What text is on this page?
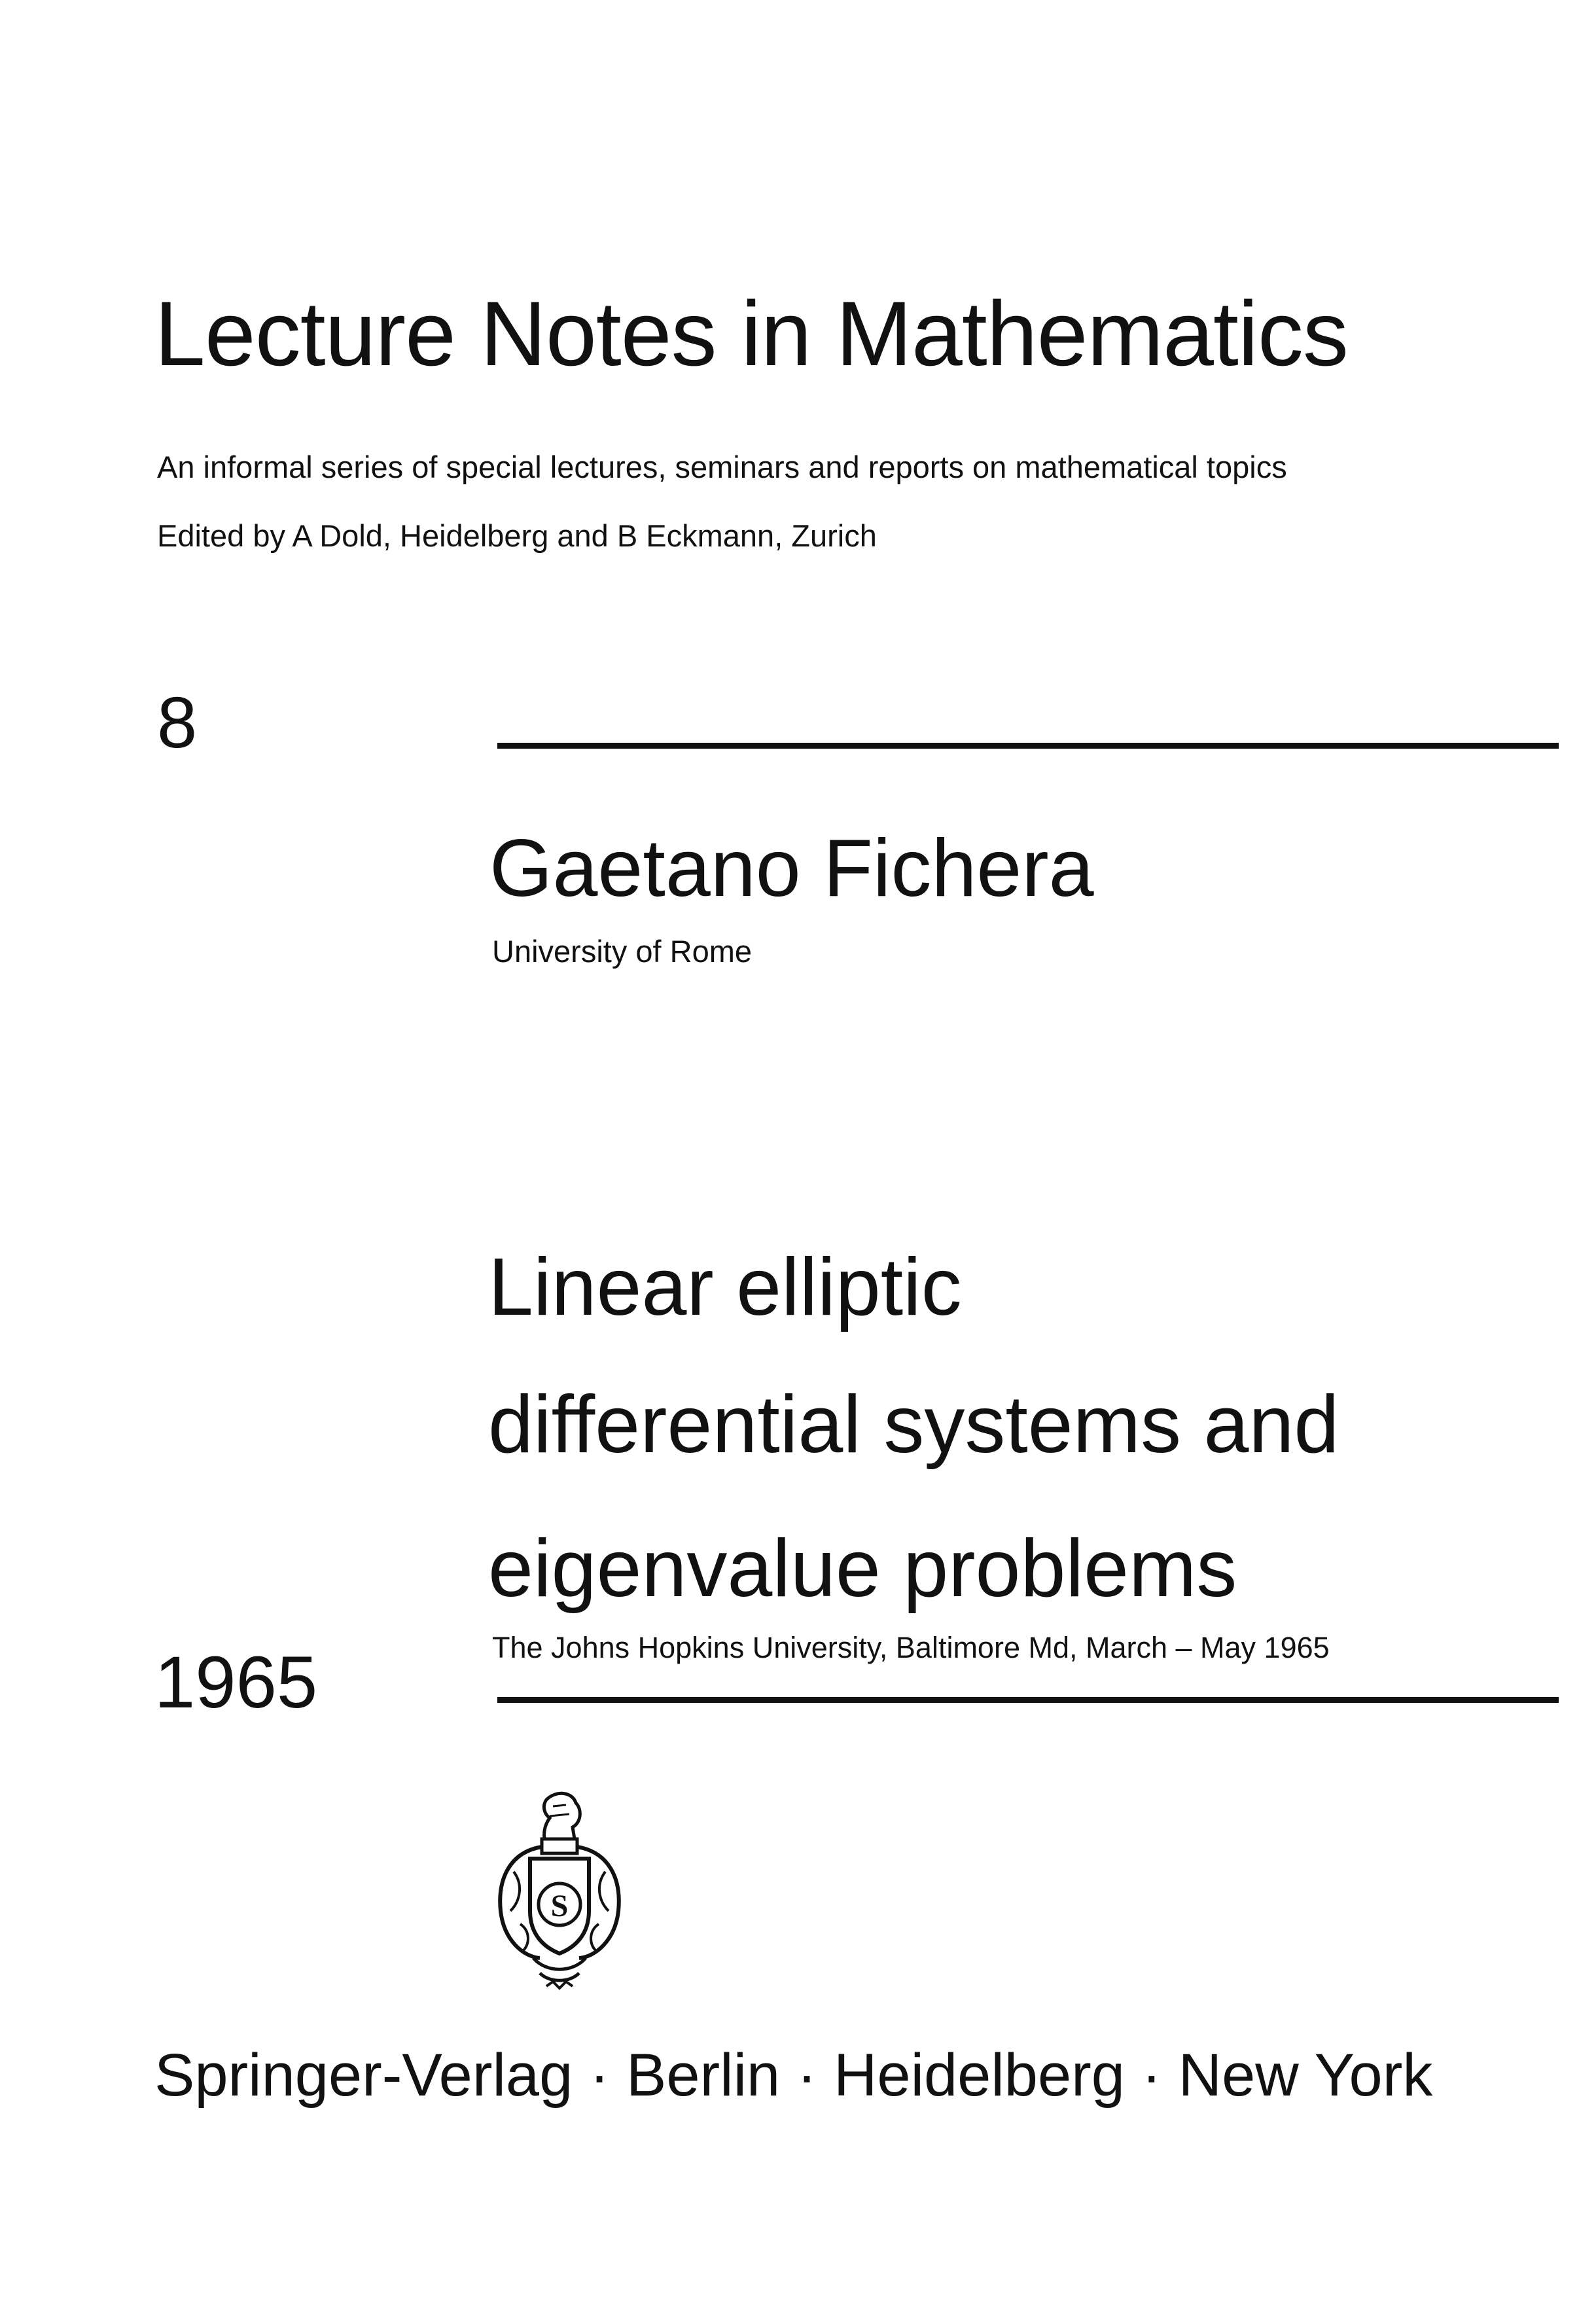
Lecture Notes in Mathematics
An informal series of special lectures, seminars and reports on mathematical topics
Edited by A Dold, Heidelberg and B Eckmann, Zurich
8
Gaetano Fichera
University of Rome
Linear elliptic
differential systems and
eigenvalue problems
The Johns Hopkins University, Baltimore Md, March – May 1965
1965
S
Springer-Verlag · Berlin · Heidelberg · New York
